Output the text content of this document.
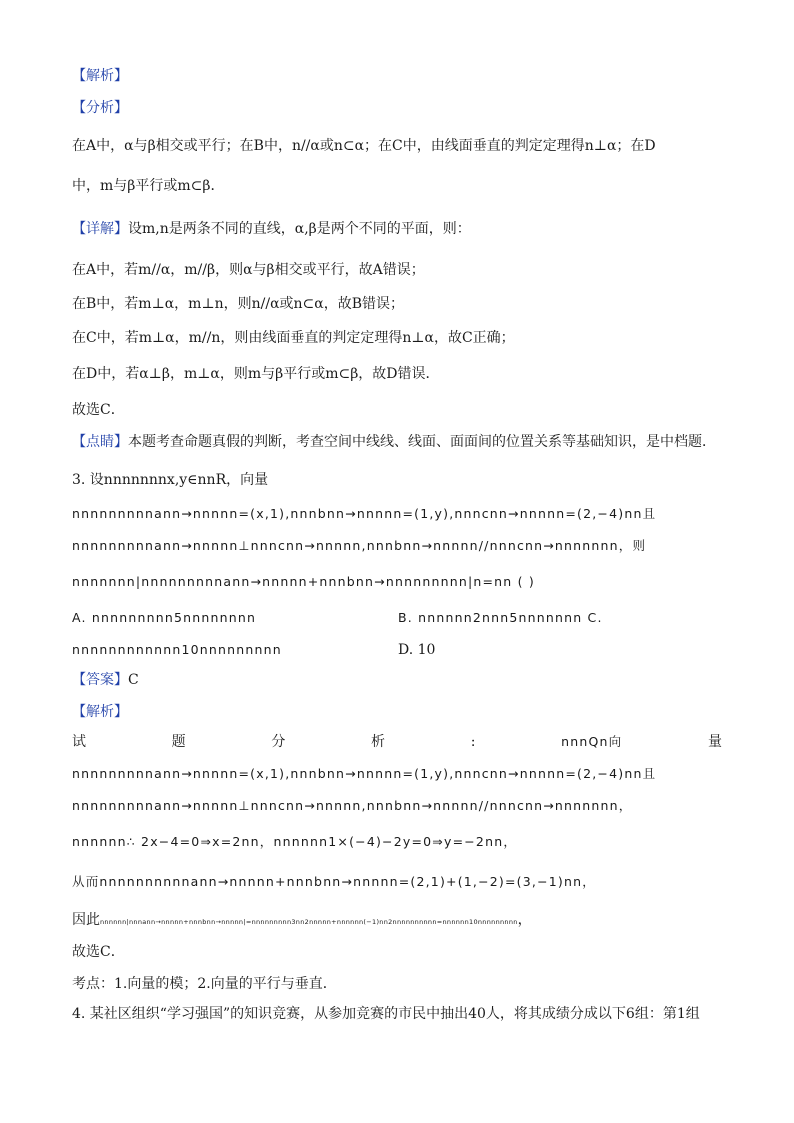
【解析】
【分析】
在A中，α与β相交或平行；在B中，n//α或n⊂α；在C中，由线面垂直的判定定理得n⊥α；在D
中，m与β平行或m⊂β．
【详解】设m,n是两条不同的直线，α,β是两个不同的平面，则：
在A中，若m//α，m//β，则α与β相交或平行，故A错误；
在B中，若m⊥α，m⊥n，则n//α或n⊂α，故B错误；
在C中，若m⊥α，m//n，则由线面垂直的判定定理得n⊥α，故C正确；
在D中，若α⊥β，m⊥α，则m与β平行或m⊂β，故D错误．
故选C．
【点睛】本题考查命题真假的判断，考查空间中线线、线面、面面间的位置关系等基础知识，是中档题．
3. 设nnnnnnnx,y∈nnR，向量
nnnnnnnnnann→nnnnn=(x,1),nnnbnn→nnnnn=(1,y),nnncnn→nnnnn=(2,−4)nn且
nnnnnnnnnann→nnnnn⊥nnncnn→nnnnn,nnnbnn→nnnnn//nnncnn→nnnnnnn，则
nnnnnnn|nnnnnnnnnann→nnnnn+nnnbnn→nnnnnnnnn|n=nn ( )
A. nnnnnnnnn5nnnnnnnn	B. nnnnnn2nnn5nnnnnnn C.
nnnnnnnnnnnn10nnnnnnnnn	D. 10
【答案】C
【解析】
试	题	分	析	:	nnnQn向	量
nnnnnnnnnann→nnnnn=(x,1),nnnbnn→nnnnn=(1,y),nnncnn→nnnnn=(2,−4)nn且
nnnnnnnnnann→nnnnn⊥nnncnn→nnnnn,nnnbnn→nnnnn//nnncnn→nnnnnnn，
nnnnnn∴ 2x−4=0⇒x=2nn，nnnnnn1×(−4)−2y=0⇒y=−2nn，
从而nnnnnnnnnnann→nnnnn+nnnbnn→nnnnn=(2,1)+(1,−2)=(3,−1)nn，
因此nnnnnn|nnnann→nnnnn+nnnbnn→nnnnn|=nnnnnnnnn3nn2nnnnn+nnnnnn(−1)nn2nnnnnnnnnn=nnnnnn10nnnnnnnnn，
故选C．
考点：1.向量的模；2.向量的平行与垂直．
4. 某社区组织“学习强国”的知识竞赛，从参加竞赛的市民中抽出40人，将其成绩分成以下6组：第1组
